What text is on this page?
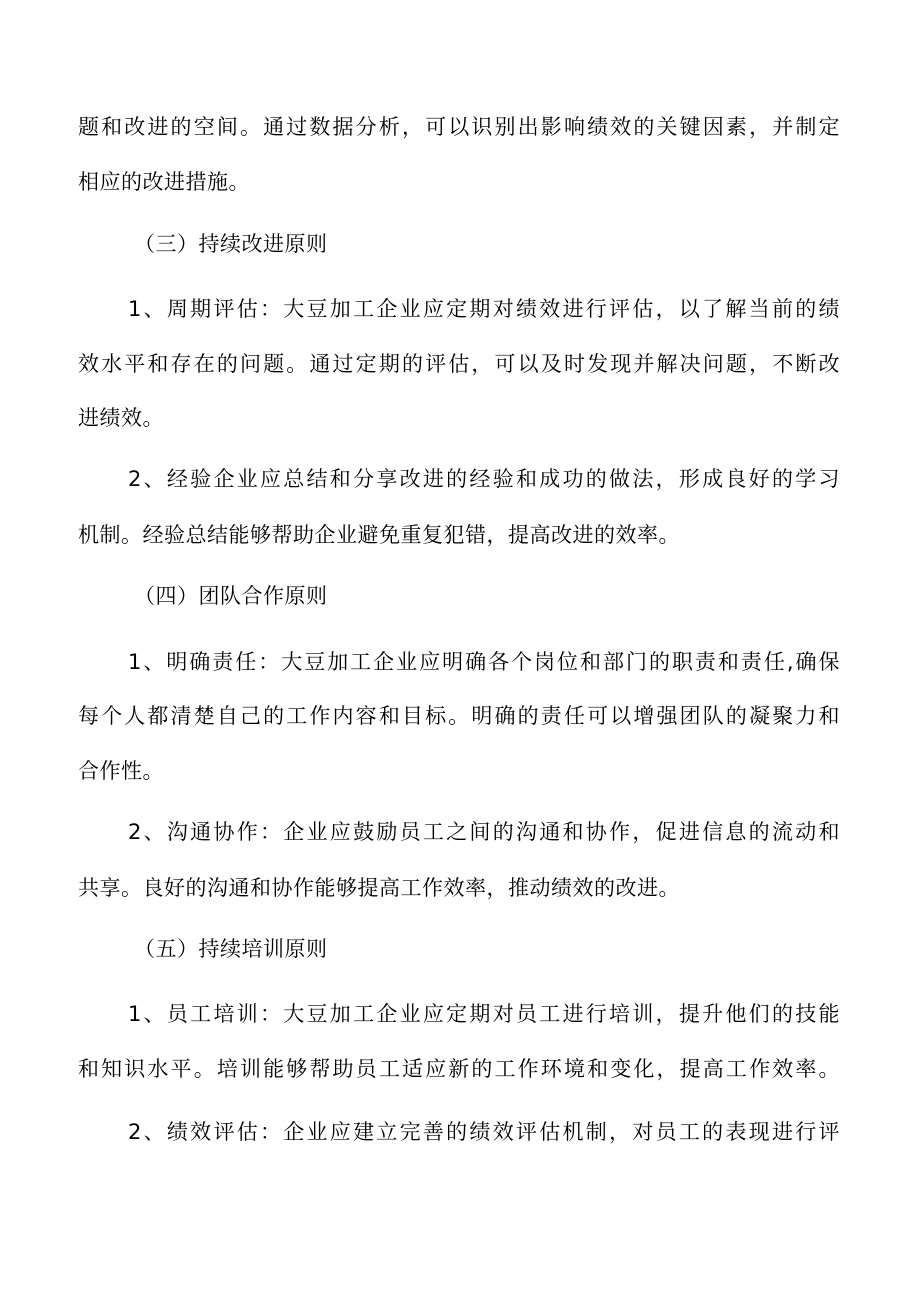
题和改进的空间。通过数据分析，可以识别出影响绩效的关键因素，并制定
相应的改进措施。
（三）持续改进原则
1、周期评估：大豆加工企业应定期对绩效进行评估，以了解当前的绩
效水平和存在的问题。通过定期的评估，可以及时发现并解决问题，不断改
进绩效。
2、经验企业应总结和分享改进的经验和成功的做法，形成良好的学习
机制。经验总结能够帮助企业避免重复犯错，提高改进的效率。
（四）团队合作原则
1、明确责任：大豆加工企业应明确各个岗位和部门的职责和责任,确保
每个人都清楚自己的工作内容和目标。明确的责任可以增强团队的凝聚力和
合作性。
2、沟通协作：企业应鼓励员工之间的沟通和协作，促进信息的流动和
共享。良好的沟通和协作能够提高工作效率，推动绩效的改进。
（五）持续培训原则
1、员工培训：大豆加工企业应定期对员工进行培训，提升他们的技能
和知识水平。培训能够帮助员工适应新的工作环境和变化，提高工作效率。
2、绩效评估：企业应建立完善的绩效评估机制，对员工的表现进行评
